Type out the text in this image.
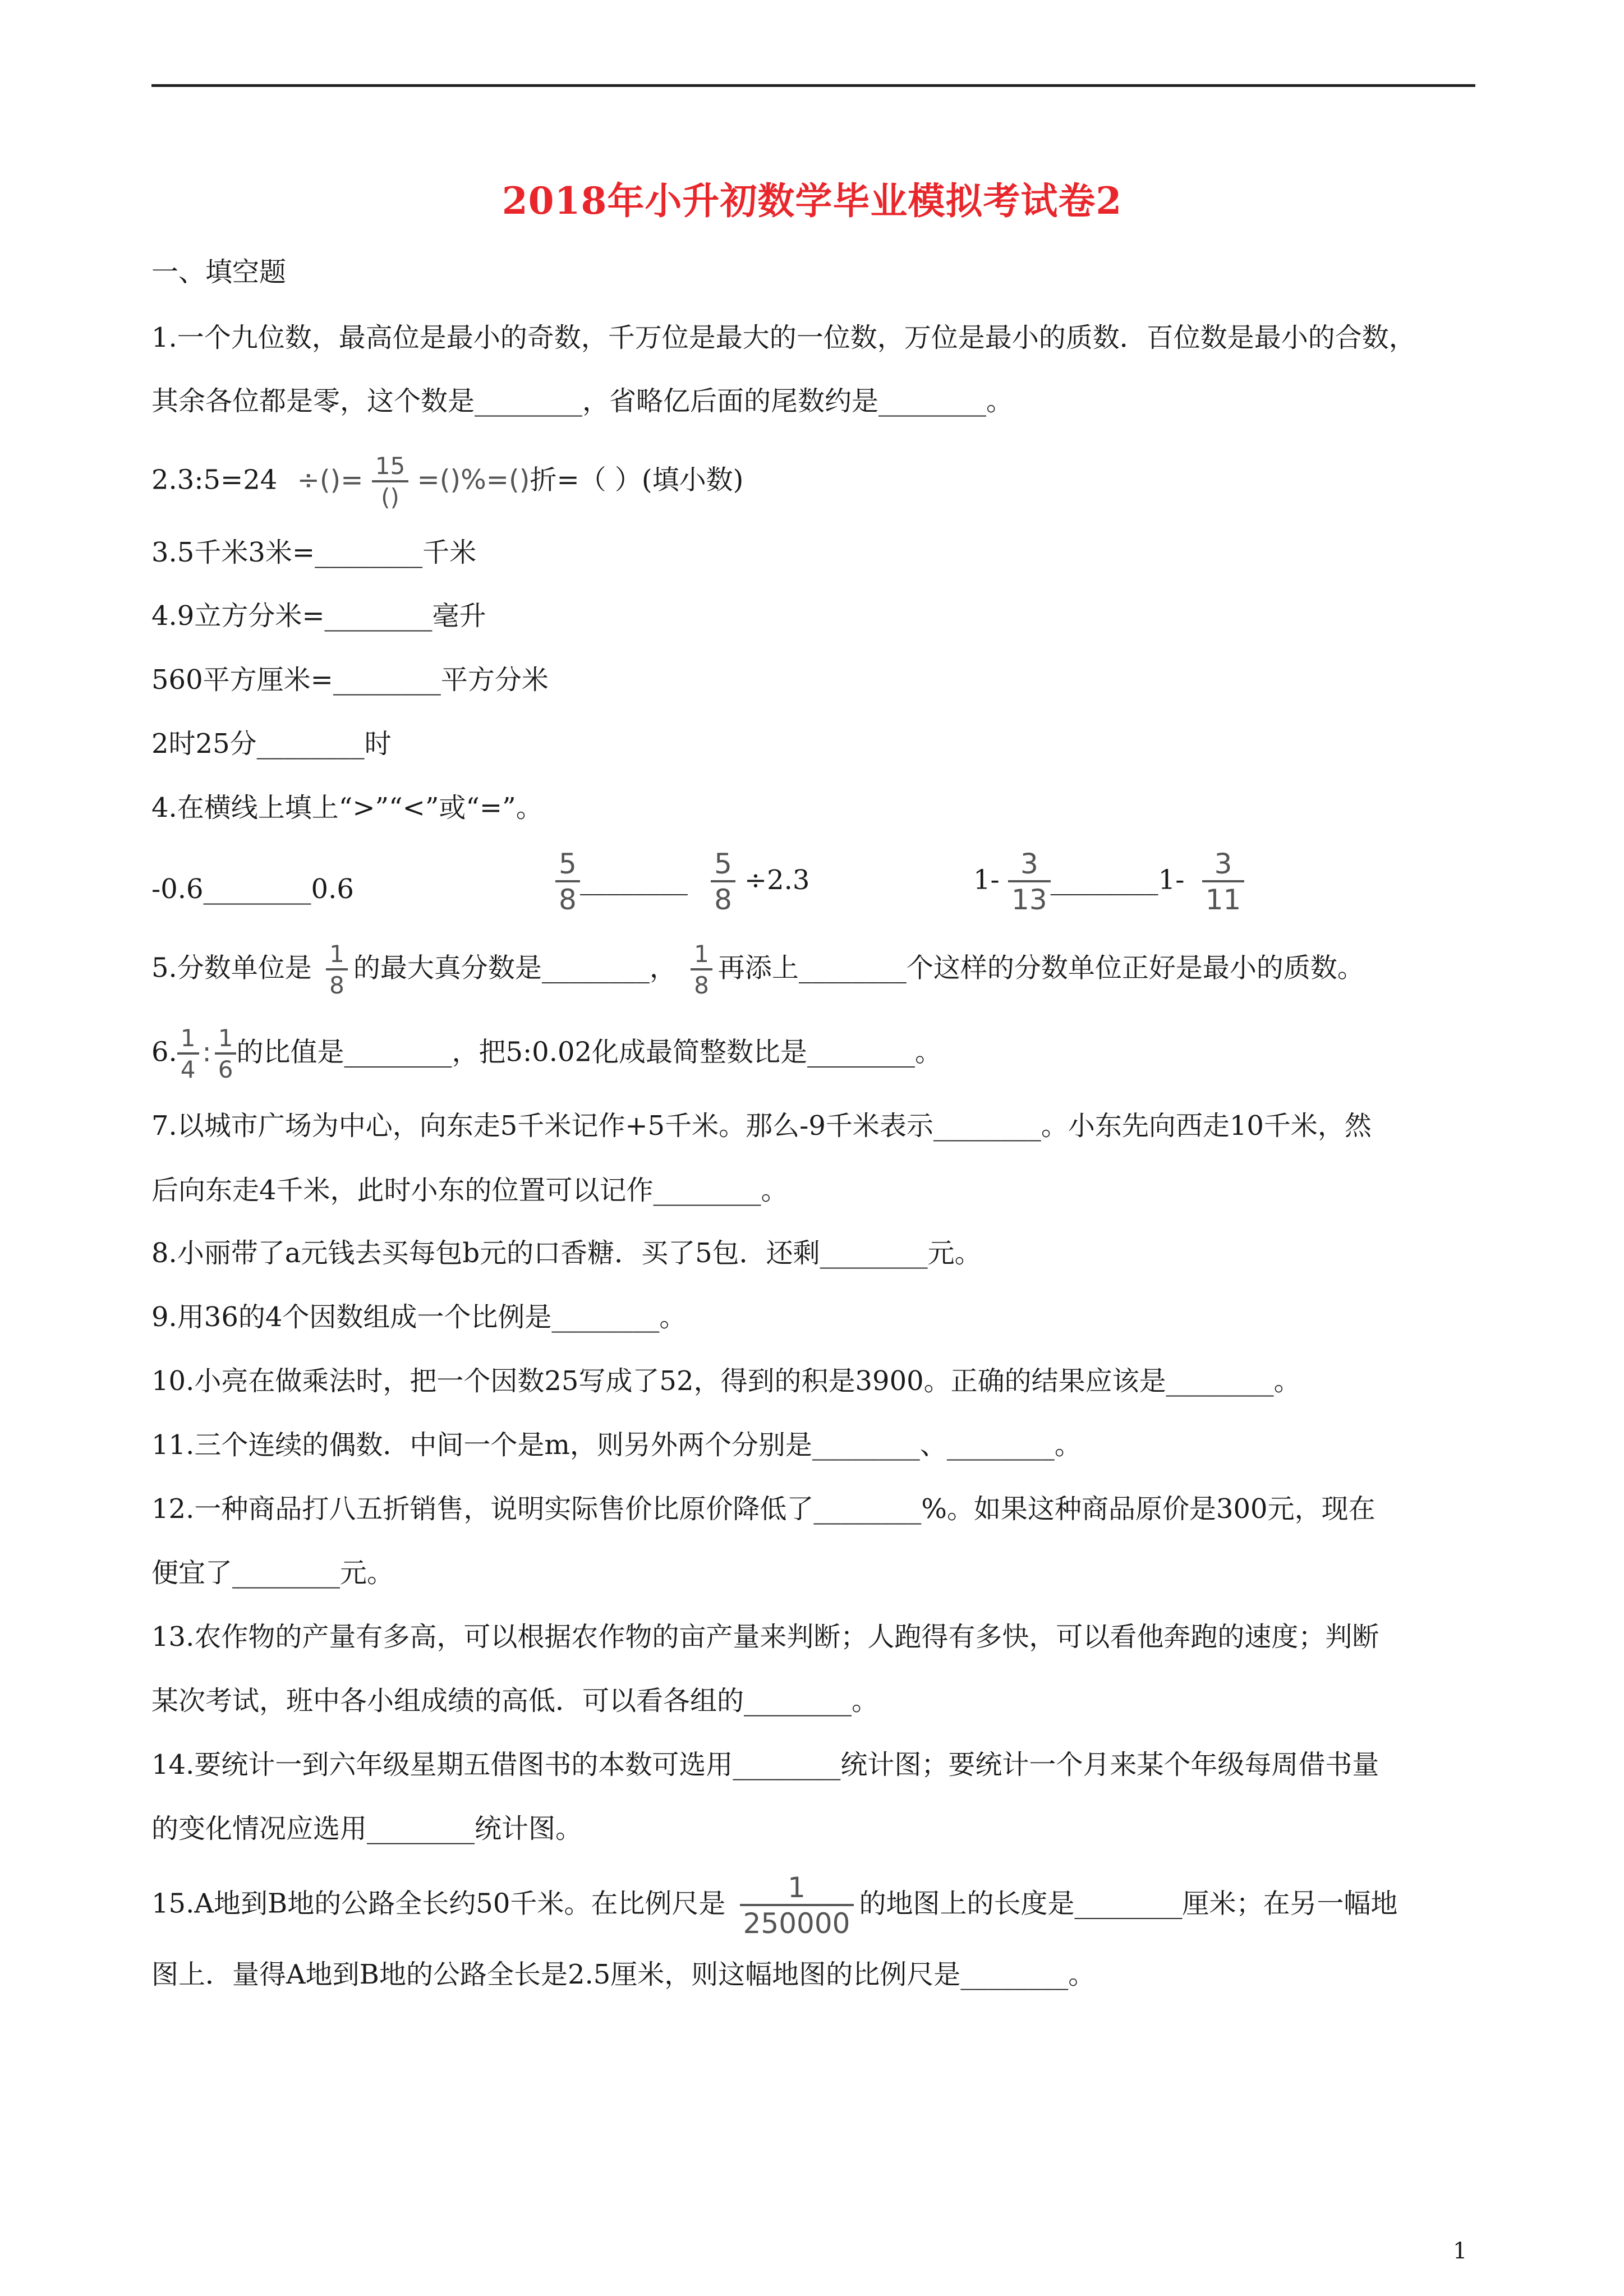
2018年小升初数学毕业模拟考试卷2
一、填空题
1.一个九位数，最高位是最小的奇数，千万位是最大的一位数，万位是最小的质数．百位数是最小的合数，
其余各位都是零，这个数是________，省略亿后面的尾数约是________。
2.3:5=24 ÷()= $\frac{15}{()}$ =()%=()折=（ ）(填小数)
3.5千米3米=________千米
4.9立方分米=________毫升
560平方厘米=________平方分米
2时25分________时
4.在横线上填上“>”“<”或“=”。
-0.6________0.6	$\frac{5}{8}$ ________ $\frac{5}{8} \div 2.3$	$1- \frac{3}{13}$ ________1- $\frac{3}{11}$
5.分数单位是 $\frac{1}{8}$ 的最大真分数是________， $\frac{1}{8}$ 再添上________个这样的分数单位正好是最小的质数。
6. $\frac{1}{4}$ : $\frac{1}{6}$ 的比值是________，把5:0.02化成最简整数比是________。
7.以城市广场为中心，向东走5千米记作+5千米。那么-9千米表示________。小东先向西走10千米，然
后向东走4千米，此时小东的位置可以记作________。
8.小丽带了a元钱去买每包b元的口香糖．买了5包．还剩________元。
9.用36的4个因数组成一个比例是________。
10.小亮在做乘法时，把一个因数25写成了52，得到的积是3900。正确的结果应该是________。
11.三个连续的偶数．中间一个是m，则另外两个分别是________、________。
12.一种商品打八五折销售，说明实际售价比原价降低了________%。如果这种商品原价是300元，现在
便宜了________元。
13.农作物的产量有多高，可以根据农作物的亩产量来判断；人跑得有多快，可以看他奔跑的速度；判断
某次考试，班中各小组成绩的高低．可以看各组的________。
14.要统计一到六年级星期五借图书的本数可选用________统计图；要统计一个月来某个年级每周借书量
的变化情况应选用________统计图。
15.A地到B地的公路全长约50千米。在比例尺是 $\frac{1}{250000}$ 的地图上的长度是________厘米；在另一幅地
图上．量得A地到B地的公路全长是2.5厘米，则这幅地图的比例尺是________。
1
